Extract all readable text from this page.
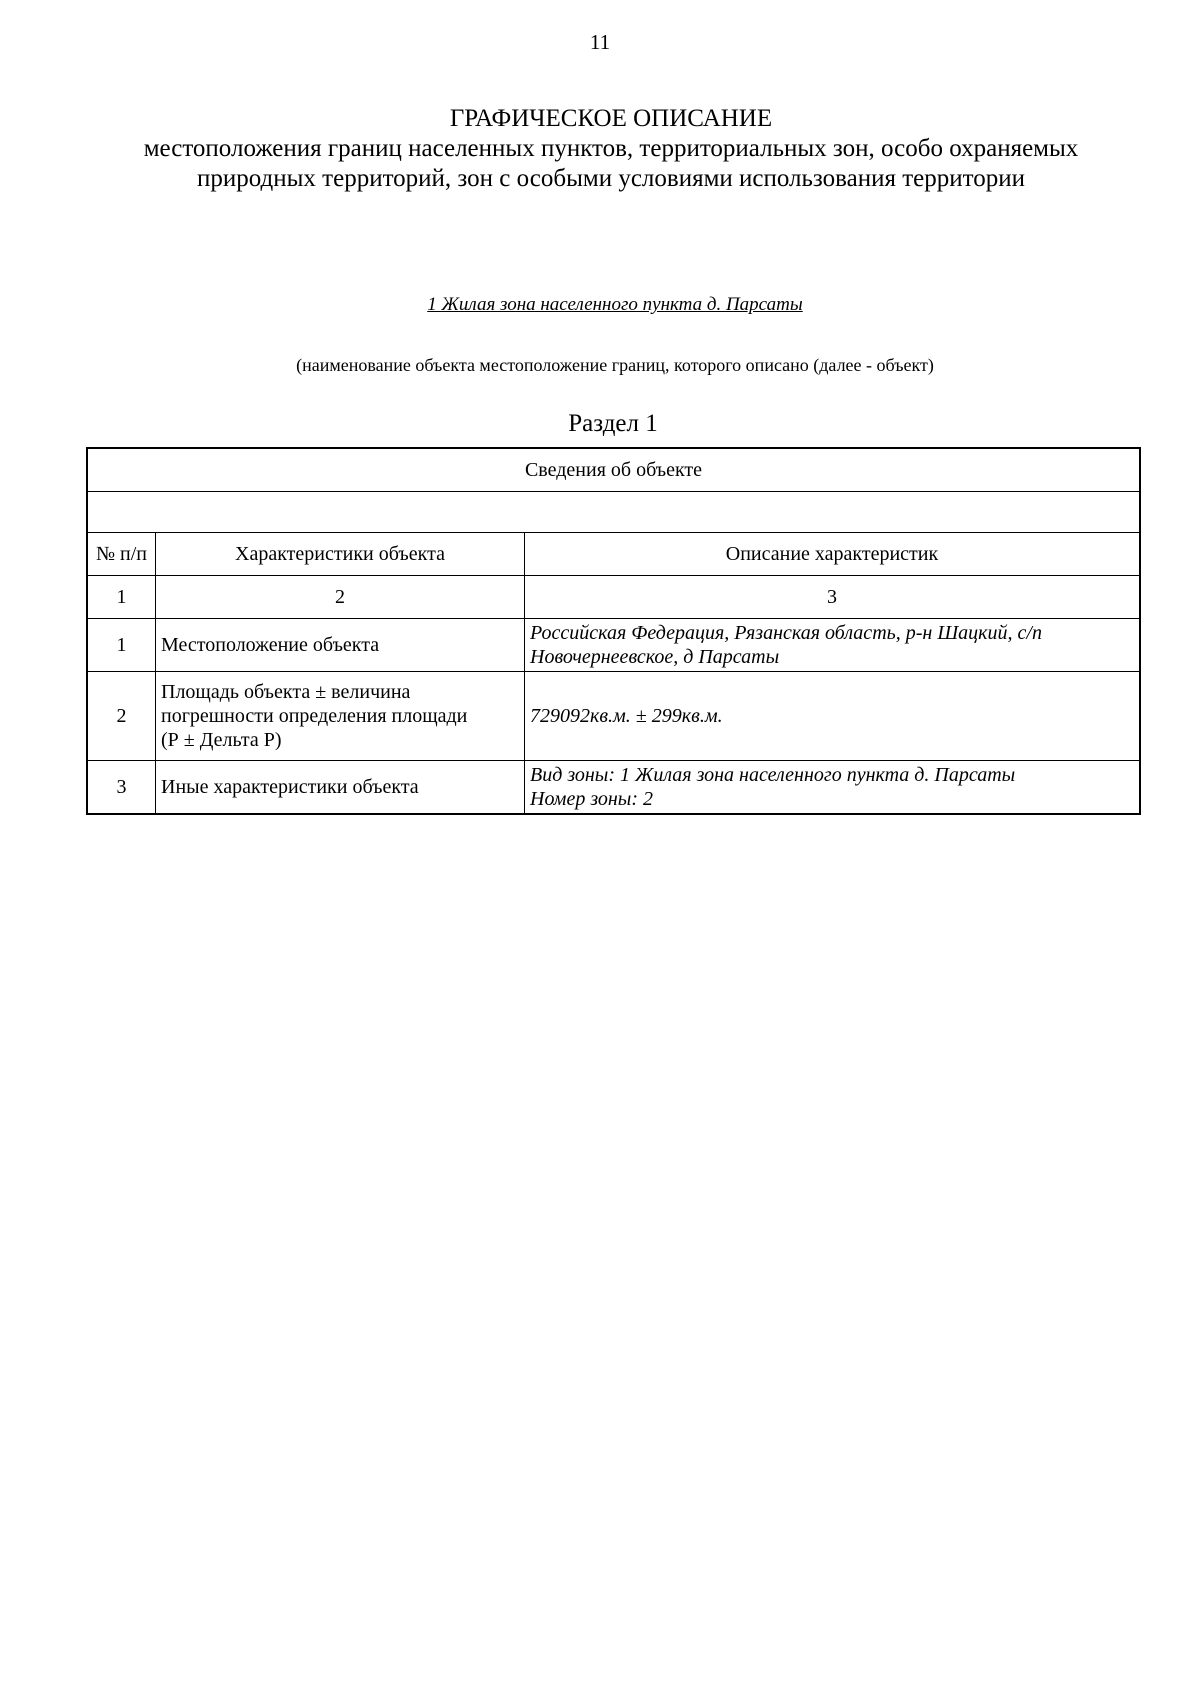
11
ГРАФИЧЕСКОЕ ОПИСАНИЕ
местоположения границ населенных пунктов, территориальных зон, особо охраняемых природных территорий, зон с особыми условиями использования территории
1 Жилая зона населенного пункта д. Парсаты
(наименование объекта местоположение границ, которого описано (далее - объект)
Раздел 1
Сведения об объекте		

№ п/п	Характеристики объекта	Описание характеристик
1	2	3
1	Местоположение объекта	Российская Федерация, Рязанская область, р-н Шацкий, с/п
Новочернеевское, д Парсаты

2	Площадь объекта ± величина
погрешности определения площади
(Р ± Дельта Р)	729092кв.м. ± 299кв.м.

3	Иные характеристики объекта	Вид зоны: 1 Жилая зона населенного пункта д. Парсаты
Номер зоны: 2
